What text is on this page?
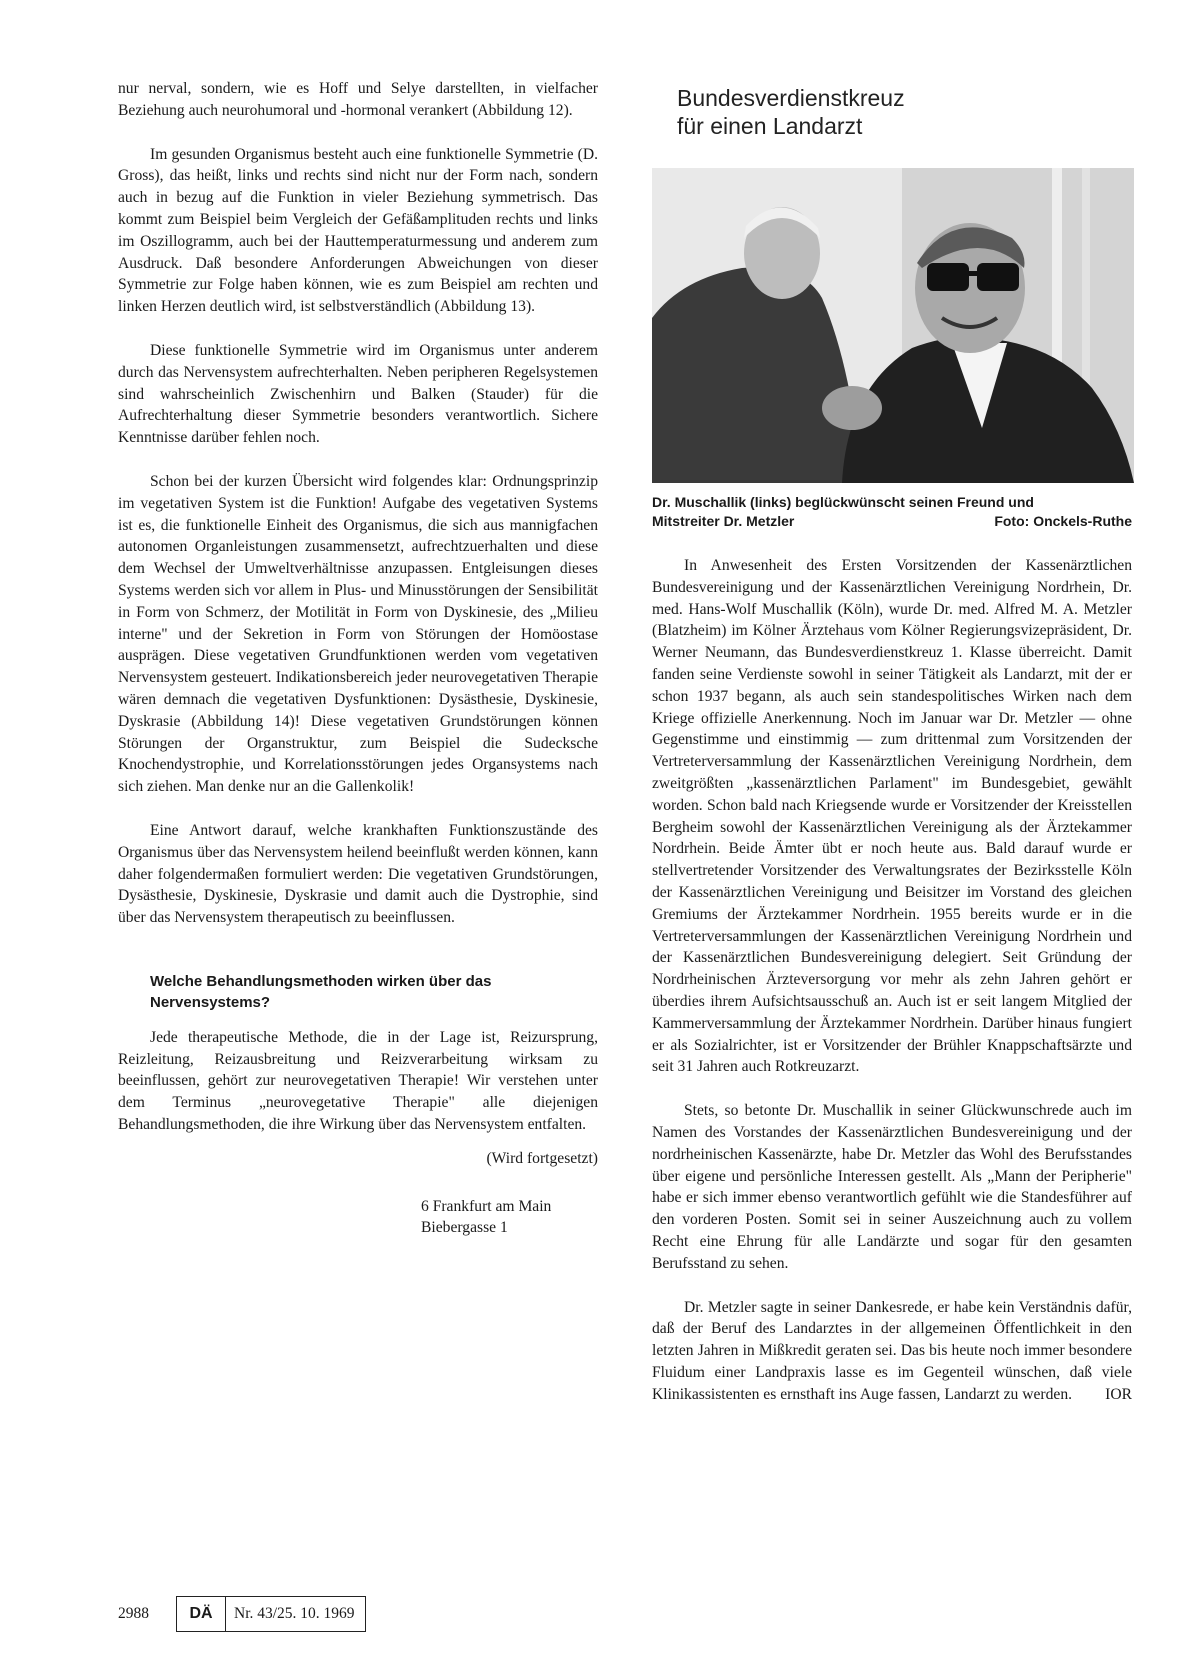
nur nerval, sondern, wie es Hoff und Selye darstellten, in vielfacher Beziehung auch neurohumoral und -hormonal verankert (Abbildung 12).

Im gesunden Organismus besteht auch eine funktionelle Symmetrie (D. Gross), das heißt, links und rechts sind nicht nur der Form nach, sondern auch in bezug auf die Funktion in vieler Beziehung symmetrisch. Das kommt zum Beispiel beim Vergleich der Gefäßamplituden rechts und links im Oszillogramm, auch bei der Hauttemperaturmessung und anderem zum Ausdruck. Daß besondere Anforderungen Abweichungen von dieser Symmetrie zur Folge haben können, wie es zum Beispiel am rechten und linken Herzen deutlich wird, ist selbstverständlich (Abbildung 13).

Diese funktionelle Symmetrie wird im Organismus unter anderem durch das Nervensystem aufrechterhalten. Neben peripheren Regelsystemen sind wahrscheinlich Zwischenhirn und Balken (Stauder) für die Aufrechterhaltung dieser Symmetrie besonders verantwortlich. Sichere Kenntnisse darüber fehlen noch.

Schon bei der kurzen Übersicht wird folgendes klar: Ordnungsprinzip im vegetativen System ist die Funktion! Aufgabe des vegetativen Systems ist es, die funktionelle Einheit des Organismus, die sich aus mannigfachen autonomen Organleistungen zusammensetzt, aufrechtzuerhalten und diese dem Wechsel der Umweltverhältnisse anzupassen. Entgleisungen dieses Systems werden sich vor allem in Plus- und Minusstörungen der Sensibilität in Form von Schmerz, der Motilität in Form von Dyskinesie, des „Milieu interne" und der Sekretion in Form von Störungen der Homöostase ausprägen. Diese vegetativen Grundfunktionen werden vom vegetativen Nervensystem gesteuert. Indikationsbereich jeder neurovegetativen Therapie wären demnach die vegetativen Dysfunktionen: Dysästhesie, Dyskinesie, Dyskrasie (Abbildung 14)! Diese vegetativen Grundstörungen können Störungen der Organstruktur, zum Beispiel die Sudecksche Knochendystrophie, und Korrelationsstörungen jedes Organsystems nach sich ziehen. Man denke nur an die Gallenkolik!

Eine Antwort darauf, welche krankhaften Funktionszustände des Organismus über das Nervensystem heilend beeinflußt werden können, kann daher folgendermaßen formuliert werden: Die vegetativen Grundstörungen, Dysästhesie, Dyskinesie, Dyskrasie und damit auch die Dystrophie, sind über das Nervensystem therapeutisch zu beeinflussen.

Welche Behandlungsmethoden wirken über das Nervensystems?

Jede therapeutische Methode, die in der Lage ist, Reizursprung, Reizleitung, Reizausbreitung und Reizverarbeitung wirksam zu beeinflussen, gehört zur neurovegetativen Therapie! Wir verstehen unter dem Terminus „neurovegetative Therapie" alle diejenigen Behandlungsmethoden, die ihre Wirkung über das Nervensystem entfalten.

(Wird fortgesetzt)

6 Frankfurt am Main
Biebergasse 1
Bundesverdienstkreuz
für einen Landarzt
Dr. Muschallik (links) beglückwünscht seinen Freund und
Mitstreiter Dr. Metzler	Foto: Onckels-Ruthe

In Anwesenheit des Ersten Vorsitzenden der Kassenärztlichen Bundesvereinigung und der Kassenärztlichen Vereinigung Nordrhein, Dr. med. Hans-Wolf Muschallik (Köln), wurde Dr. med. Alfred M. A. Metzler (Blatzheim) im Kölner Ärztehaus vom Kölner Regierungsvizepräsident, Dr. Werner Neumann, das Bundesverdienstkreuz 1. Klasse überreicht. Damit fanden seine Verdienste sowohl in seiner Tätigkeit als Landarzt, mit der er schon 1937 begann, als auch sein standespolitisches Wirken nach dem Kriege offizielle Anerkennung. Noch im Januar war Dr. Metzler — ohne Gegenstimme und einstimmig — zum drittenmal zum Vorsitzenden der Vertreterversammlung der Kassenärztlichen Vereinigung Nordrhein, dem zweitgrößten „kassenärztlichen Parlament" im Bundesgebiet, gewählt worden. Schon bald nach Kriegsende wurde er Vorsitzender der Kreisstellen Bergheim sowohl der Kassenärztlichen Vereinigung als der Ärztekammer Nordrhein. Beide Ämter übt er noch heute aus. Bald darauf wurde er stellvertretender Vorsitzender des Verwaltungsrates der Bezirksstelle Köln der Kassenärztlichen Vereinigung und Beisitzer im Vorstand des gleichen Gremiums der Ärztekammer Nordrhein. 1955 bereits wurde er in die Vertreterversammlungen der Kassenärztlichen Vereinigung Nordrhein und der Kassenärztlichen Bundesvereinigung delegiert. Seit Gründung der Nordrheinischen Ärzteversorgung vor mehr als zehn Jahren gehört er überdies ihrem Aufsichtsausschuß an. Auch ist er seit langem Mitglied der Kammerversammlung der Ärztekammer Nordrhein. Darüber hinaus fungiert er als Sozialrichter, ist er Vorsitzender der Brühler Knappschaftsärzte und seit 31 Jahren auch Rotkreuzarzt.

Stets, so betonte Dr. Muschallik in seiner Glückwunschrede auch im Namen des Vorstandes der Kassenärztlichen Bundesvereinigung und der nordrheinischen Kassenärzte, habe Dr. Metzler das Wohl des Berufsstandes über eigene und persönliche Interessen gestellt. Als „Mann der Peripherie" habe er sich immer ebenso verantwortlich gefühlt wie die Standesführer auf den vorderen Posten. Somit sei in seiner Auszeichnung auch zu vollem Recht eine Ehrung für alle Landärzte und sogar für den gesamten Berufsstand zu sehen.

Dr. Metzler sagte in seiner Dankesrede, er habe kein Verständnis dafür, daß der Beruf des Landarztes in der allgemeinen Öffentlichkeit in den letzten Jahren in Mißkredit geraten sei. Das bis heute noch immer besondere Fluidum einer Landpraxis lasse es im Gegenteil wünschen, daß viele Klinikassistenten es ernsthaft ins Auge fassen, Landarzt zu werden.	IOR
2988	DÄ	Nr. 43/25. 10. 1969
